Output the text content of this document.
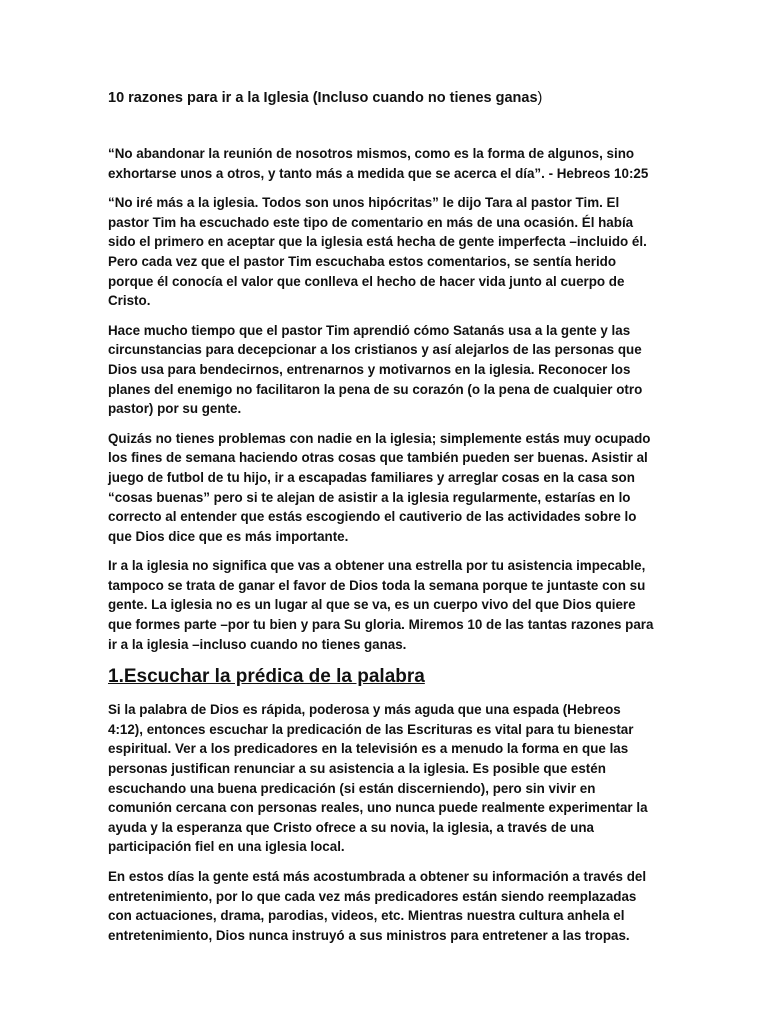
10 razones para ir a la Iglesia (Incluso cuando no tienes ganas)

“No abandonar la reunión de nosotros mismos, como es la forma de algunos, sino exhortarse unos a otros, y tanto más a medida que se acerca el día”. - Hebreos 10:25

“No iré más a la iglesia. Todos son unos hipócritas” le dijo Tara al pastor Tim. El pastor Tim ha escuchado este tipo de comentario en más de una ocasión. Él había sido el primero en aceptar que la iglesia está hecha de gente imperfecta –incluido él. Pero cada vez que el pastor Tim escuchaba estos comentarios, se sentía herido porque él conocía el valor que conlleva el hecho de hacer vida junto al cuerpo de Cristo.

Hace mucho tiempo que el pastor Tim aprendió cómo Satanás usa a la gente y las circunstancias para decepcionar a los cristianos y así alejarlos de las personas que Dios usa para bendecirnos, entrenarnos y motivarnos en la iglesia. Reconocer los planes del enemigo no facilitaron la pena de su corazón (o la pena de cualquier otro pastor) por su gente.

Quizás no tienes problemas con nadie en la iglesia; simplemente estás muy ocupado los fines de semana haciendo otras cosas que también pueden ser buenas. Asistir al juego de futbol de tu hijo, ir a escapadas familiares y arreglar cosas en la casa son “cosas buenas” pero si te alejan de asistir a la iglesia regularmente, estarías en lo correcto al entender que estás escogiendo el cautiverio de las actividades sobre lo que Dios dice que es más importante.

Ir a la iglesia no significa que vas a obtener una estrella por tu asistencia impecable, tampoco se trata de ganar el favor de Dios toda la semana porque te juntaste con su gente. La iglesia no es un lugar al que se va, es un cuerpo vivo del que Dios quiere que formes parte –por tu bien y para Su gloria. Miremos 10 de las tantas razones para ir a la iglesia –incluso cuando no tienes ganas.

1.Escuchar la prédica de la palabra

Si la palabra de Dios es rápida, poderosa y más aguda que una espada (Hebreos 4:12), entonces escuchar la predicación de las Escrituras es vital para tu bienestar espiritual. Ver a los predicadores en la televisión es a menudo la forma en que las personas justifican renunciar a su asistencia a la iglesia. Es posible que estén escuchando una buena predicación (si están discerniendo), pero sin vivir en comunión cercana con personas reales, uno nunca puede realmente experimentar la ayuda y la esperanza que Cristo ofrece a su novia, la iglesia, a través de una participación fiel en una iglesia local.

En estos días la gente está más acostumbrada a obtener su información a través del entretenimiento, por lo que cada vez más predicadores están siendo reemplazadas con actuaciones, drama, parodias, videos, etc. Mientras nuestra cultura anhela el entretenimiento, Dios nunca instruyó a sus ministros para entretener a las tropas.
